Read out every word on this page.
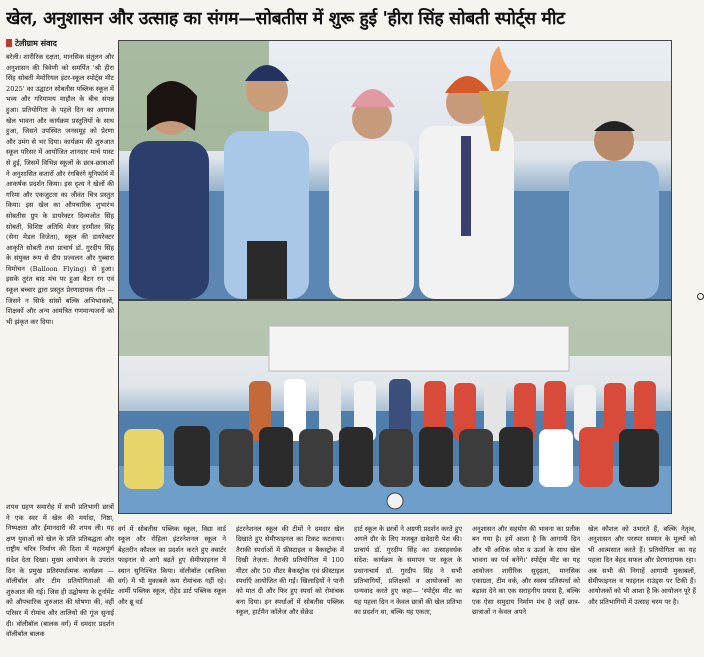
खेल, अनुशासन और उत्साह का संगम—सोबतीस में शुरू हुई 'हीरा सिंह सोबती स्पोर्ट्स मीट
टेलीग्राम संवाद
बरेली। शारीरिक दक्षता, मानसिक संतुलन और अनुशासन की त्रिवेणी को समर्पित 'श्री हीरा सिंह सोबती मेमोरियल इंटर-स्कूल स्पोर्ट्स मीट 2025' का उद्घाटन सोबतीस पब्लिक स्कूल में भव्य और गरिमामय माहौल के बीच संपन्न हुआ। प्रतियोगिता के पहले दिन का आगाज खेल भावना और कार्यक्रम प्रस्तुतियों के साथ हुआ, जिसने उपस्थित जनसमूह को प्रेरणा और उमंग से भर दिया। कार्यक्रम की शुरुआत स्कूल परिसर में आयोजित शानदार मार्च पास्ट से हुई, जिसमें विभिन्न स्कूलों के छात्र-छात्राओं ने अनुशासित कतारों और रंगबिरंगे यूनिफॉर्म में आकर्षक प्रदर्शन किया। इस दृश्य ने खेलों की गरिमा और एकजुटता का जीवंत चित्र प्रस्तुत किया। इस खेल का औपचारिक शुभारंभ सोबतीस ग्रुप के डायरेक्टर दिव्यजोत सिंह सोबती, विशिष्ट अतिथि मेजर हरमीतर सिंह (सेना मेडल विजेता), स्कूल की डायरेक्टर आकृति सोबती तथा प्राचार्य डॉ. गुरदीप सिंह के संयुक्त रूप से दीप प्रज्वलन और गुब्बारा विमोचन (Balloon Flying) से हुआ। इसके तुरंत बाद मंच पर हुआ बैटन रन एवं स्कूल बच्चार द्वारा प्रस्तुत प्रेरणादायक गीत — जिसने न सिर्फ सांसों बल्कि अभिभावकों, शिक्षकों और अन्य आमंत्रित गणमान्यजनों को भी झंकृत कर दिया।
शपथ ग्रहण समारोह में सभी प्रतिभागी छात्रों ने एक स्वर में खेल की मर्यादा, निष्ठा, निष्पक्षता और ईमानदारी की शपथ ली। यह क्षण युवाओं को खेल के प्रति प्रतिबद्धता और राष्ट्रीय चरित्र निर्माण की दिशा में महत्वपूर्ण संदेश देता दिखा। मुख्य आयोजन के उपरांत दिन के प्रमुख प्रतिस्पर्धात्मक कार्यक्रम — वॉलीबॉल और टीम प्रतियोगिताओं की शुरुआत की गई। जिस ही उद्घोषणा के टूर्नामेंट को औपचारिक शुरुआत की घोषणा की, वहीं परिसर में रोमांच और तालियों की गूंज सुनाई दी। वॉलीबॉल (बालक वर्ग) में दमदार प्रदर्शन वॉलीबॉल बालक
वर्ग में सोबतीस पब्लिक स्कूल, विद्या वार्ड स्कूल और रोहिला इंटरनेशनल स्कूल ने बेहतरीन कौशल का प्रदर्शन करते हुए क्वार्टर फाइनल से आगे बढ़ते हुए सेमीफाइनल में स्थान सुनिश्चित किया। वॉलीबॉल (बालिका वर्ग) में भी मुकाबले कम रोमांचक नहीं रहे। आर्मी पब्लिक स्कूल, रोहेड डार्ट पब्लिक स्कूल और ब्रू वर्ड
इंटरनेशनल स्कूल की टीमों ने दमदार खेल दिखाते हुए सेमीफाइनल का टिकट कटवाया। तैराकी स्पर्धाओं में फ्रीस्टाइल व बैकस्ट्रोक में दिखी तेज़ता: तैराकी प्रतियोगिता में 100 मीटर और 50 मीटर बैकस्ट्रोक एवं फ्रीस्टाइल स्पर्धाएँ आयोजित की गईं। खिलाड़ियों ने पानी को मात दी और फिर हुए स्पर्धा को रोमांचक बना दिया। इन स्पर्धाओं में सोबतीस पब्लिक स्कूल, हार्टमैन कॉलेज और सेक्रेड
हार्ट स्कूल के छात्रों ने अग्रणी प्रदर्शन करते हुए अगले दौर के लिए मजबूत दावेदारी पेश की। प्राचार्य डॉ. गुरदीप सिंह का उत्साहवर्धक संदेश: कार्यक्रम के समापन पर स्कूल के प्रधानाचार्य डॉ. गुरदीप सिंह ने सभी प्रतिभागियों, प्रशिक्षकों व आयोजकों का धन्यवाद करते हुए कहा— 'स्पोर्ट्स मीट का यह पहला दिन न केवल छात्रों की खेल प्रतिभा का प्रदर्शन था, बल्कि यह एकता,
अनुशासन और सहयोग की भावना का प्रतीक बन गया है। हमें आशा है कि आगामी दिन और भी अधिक जोश व ऊर्जा के साथ खेल भावना का पर्व बनेंगे।' स्पोर्ट्स मीट का यह आयोजन शारीरिक सुदृढ़ता, मानसिक एकाग्रता, टीम वर्क, और स्वस्थ प्रतिस्पर्धा को बढ़ावा देने का एक सराहनीय प्रयास है, बल्कि एक ऐसा समुदाय निर्माण मंच है जहाँ छात्र-छात्राओं न केवल अपने
खेल कौशल को उभारते हैं, बल्कि नेतृत्व, अनुशासन और परस्पर सम्मान के मूल्यों को भी आत्मसात करते हैं। प्रतियोगिता का यह पहला दिन बेहद सफल और प्रेरणादायक रहा। अब सभी की निगाहें आगामी मुकाबलों, सेमीफाइनल व फाइनल राउंड्स पर टिकी हैं। आयोजकों को भी आशा है कि आयोजन पूरे हैं और प्रतिभागियों में उत्साह चरम पर है।
